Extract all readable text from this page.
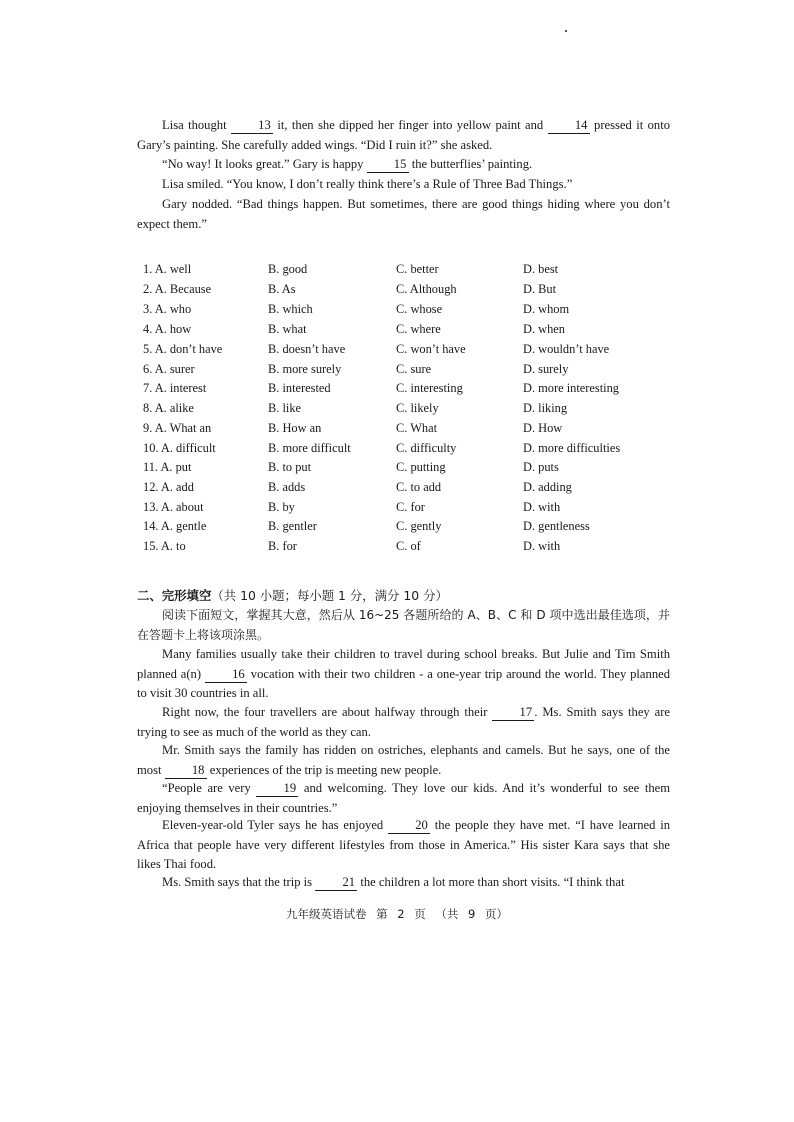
Lisa thought 13 it, then she dipped her finger into yellow paint and 14 pressed it onto Gary’s painting. She carefully added wings. “Did I ruin it?” she asked.
“No way! It looks great.” Gary is happy 15 the butterflies’ painting.
Lisa smiled. “You know, I don’t really think there’s a Rule of Three Bad Things.”
Gary nodded. “Bad things happen. But sometimes, there are good things hiding where you don’t expect them.”
1. A. well	B. good	C. better	D. best
2. A. Because	B. As	C. Although	D. But
3. A. who	B. which	C. whose	D. whom
4. A. how	B. what	C. where	D. when
5. A. don’t have	B. doesn’t have	C. won’t have	D. wouldn’t have
6. A. surer	B. more surely	C. sure	D. surely
7. A. interest	B. interested	C. interesting	D. more interesting
8. A. alike	B. like	C. likely	D. liking
9. A. What an	B. How an	C. What	D. How
10. A. difficult	B. more difficult	C. difficulty	D. more difficulties
11. A. put	B. to put	C. putting	D. puts
12. A. add	B. adds	C. to add	D. adding
13. A. about	B. by	C. for	D. with
14. A. gentle	B. gentler	C. gently	D. gentleness
15. A. to	B. for	C. of	D. with
二、完形填空（共 10 小题；每小题 1 分，满分 10 分）
阅读下面短文，掌握其大意，然后从 16~25 各题所给的 A、B、C 和 D 项中选出最佳选项，并在答题卡上将该项涂黑。
Many families usually take their children to travel during school breaks. But Julie and Tim Smith planned a(n) 16 vocation with their two children - a one-year trip around the world. They planned to visit 30 countries in all.
Right now, the four travellers are about halfway through their 17 . Ms. Smith says they are trying to see as much of the world as they can.
Mr. Smith says the family has ridden on ostriches, elephants and camels. But he says, one of the most 18 experiences of the trip is meeting new people.
“People are very 19 and welcoming. They love our kids. And it’s wonderful to see them enjoying themselves in their countries.”
Eleven-year-old Tyler says he has enjoyed 20 the people they have met. “I have learned in Africa that people have very different lifestyles from those in America.” His sister Kara says that she likes Thai food.
Ms. Smith says that the trip is 21 the children a lot more than short visits. “I think that
九年级英语试卷 第 2 页 （共 9 页）
